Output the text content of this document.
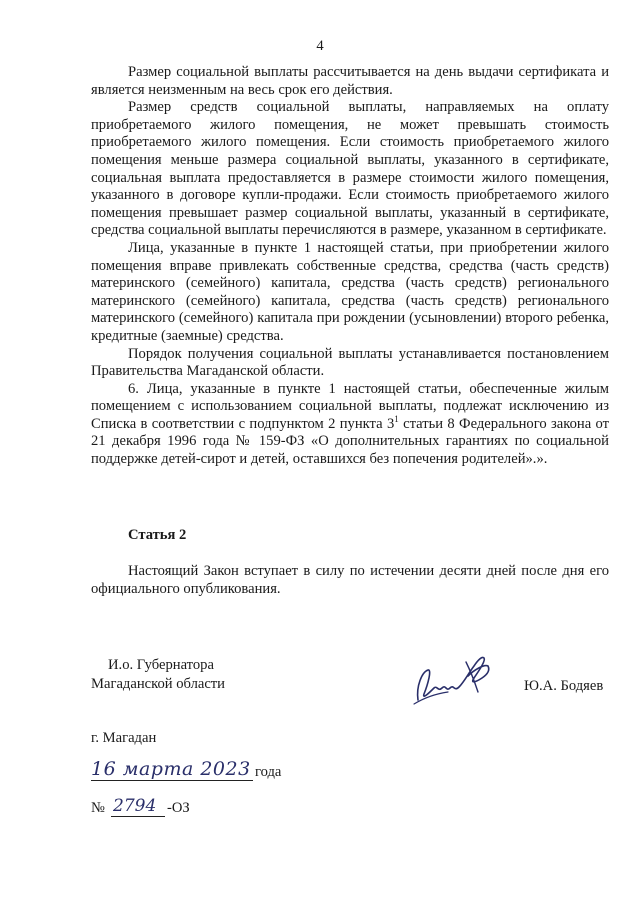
4

Размер социальной выплаты рассчитывается на день выдачи сертификата и является неизменным на весь срок его действия.

Размер средств социальной выплаты, направляемых на оплату приобретаемого жилого помещения, не может превышать стоимость приобретаемого жилого помещения. Если стоимость приобретаемого жилого помещения меньше размера социальной выплаты, указанного в сертификате, социальная выплата предоставляется в размере стоимости жилого помещения, указанного в договоре купли-продажи. Если стоимость приобретаемого жилого помещения превышает размер социальной выплаты, указанный в сертификате, средства социальной выплаты перечисляются в размере, указанном в сертификате.

Лица, указанные в пункте 1 настоящей статьи, при приобретении жилого помещения вправе привлекать собственные средства, средства (часть средств) материнского (семейного) капитала, средства (часть средств) регионального материнского (семейного) капитала, средства (часть средств) регионального материнского (семейного) капитала при рождении (усыновлении) второго ребенка, кредитные (заемные) средства.

Порядок получения социальной выплаты устанавливается постановлением Правительства Магаданской области.

6. Лица, указанные в пункте 1 настоящей статьи, обеспеченные жилым помещением с использованием социальной выплаты, подлежат исключению из Списка в соответствии с подпунктом 2 пункта $3^1$ статьи 8 Федерального закона от 21 декабря 1996 года № 159-ФЗ «О дополнительных гарантиях по социальной поддержке детей-сирот и детей, оставшихся без попечения родителей».».

Статья 2

Настоящий Закон вступает в силу по истечении десяти дней после дня его официального опубликования.

И.о. Губернатора
Магаданской области	Ю.А. Бодяев
г. Магадан
16 марта 2023 года
№ 2794 -ОЗ
